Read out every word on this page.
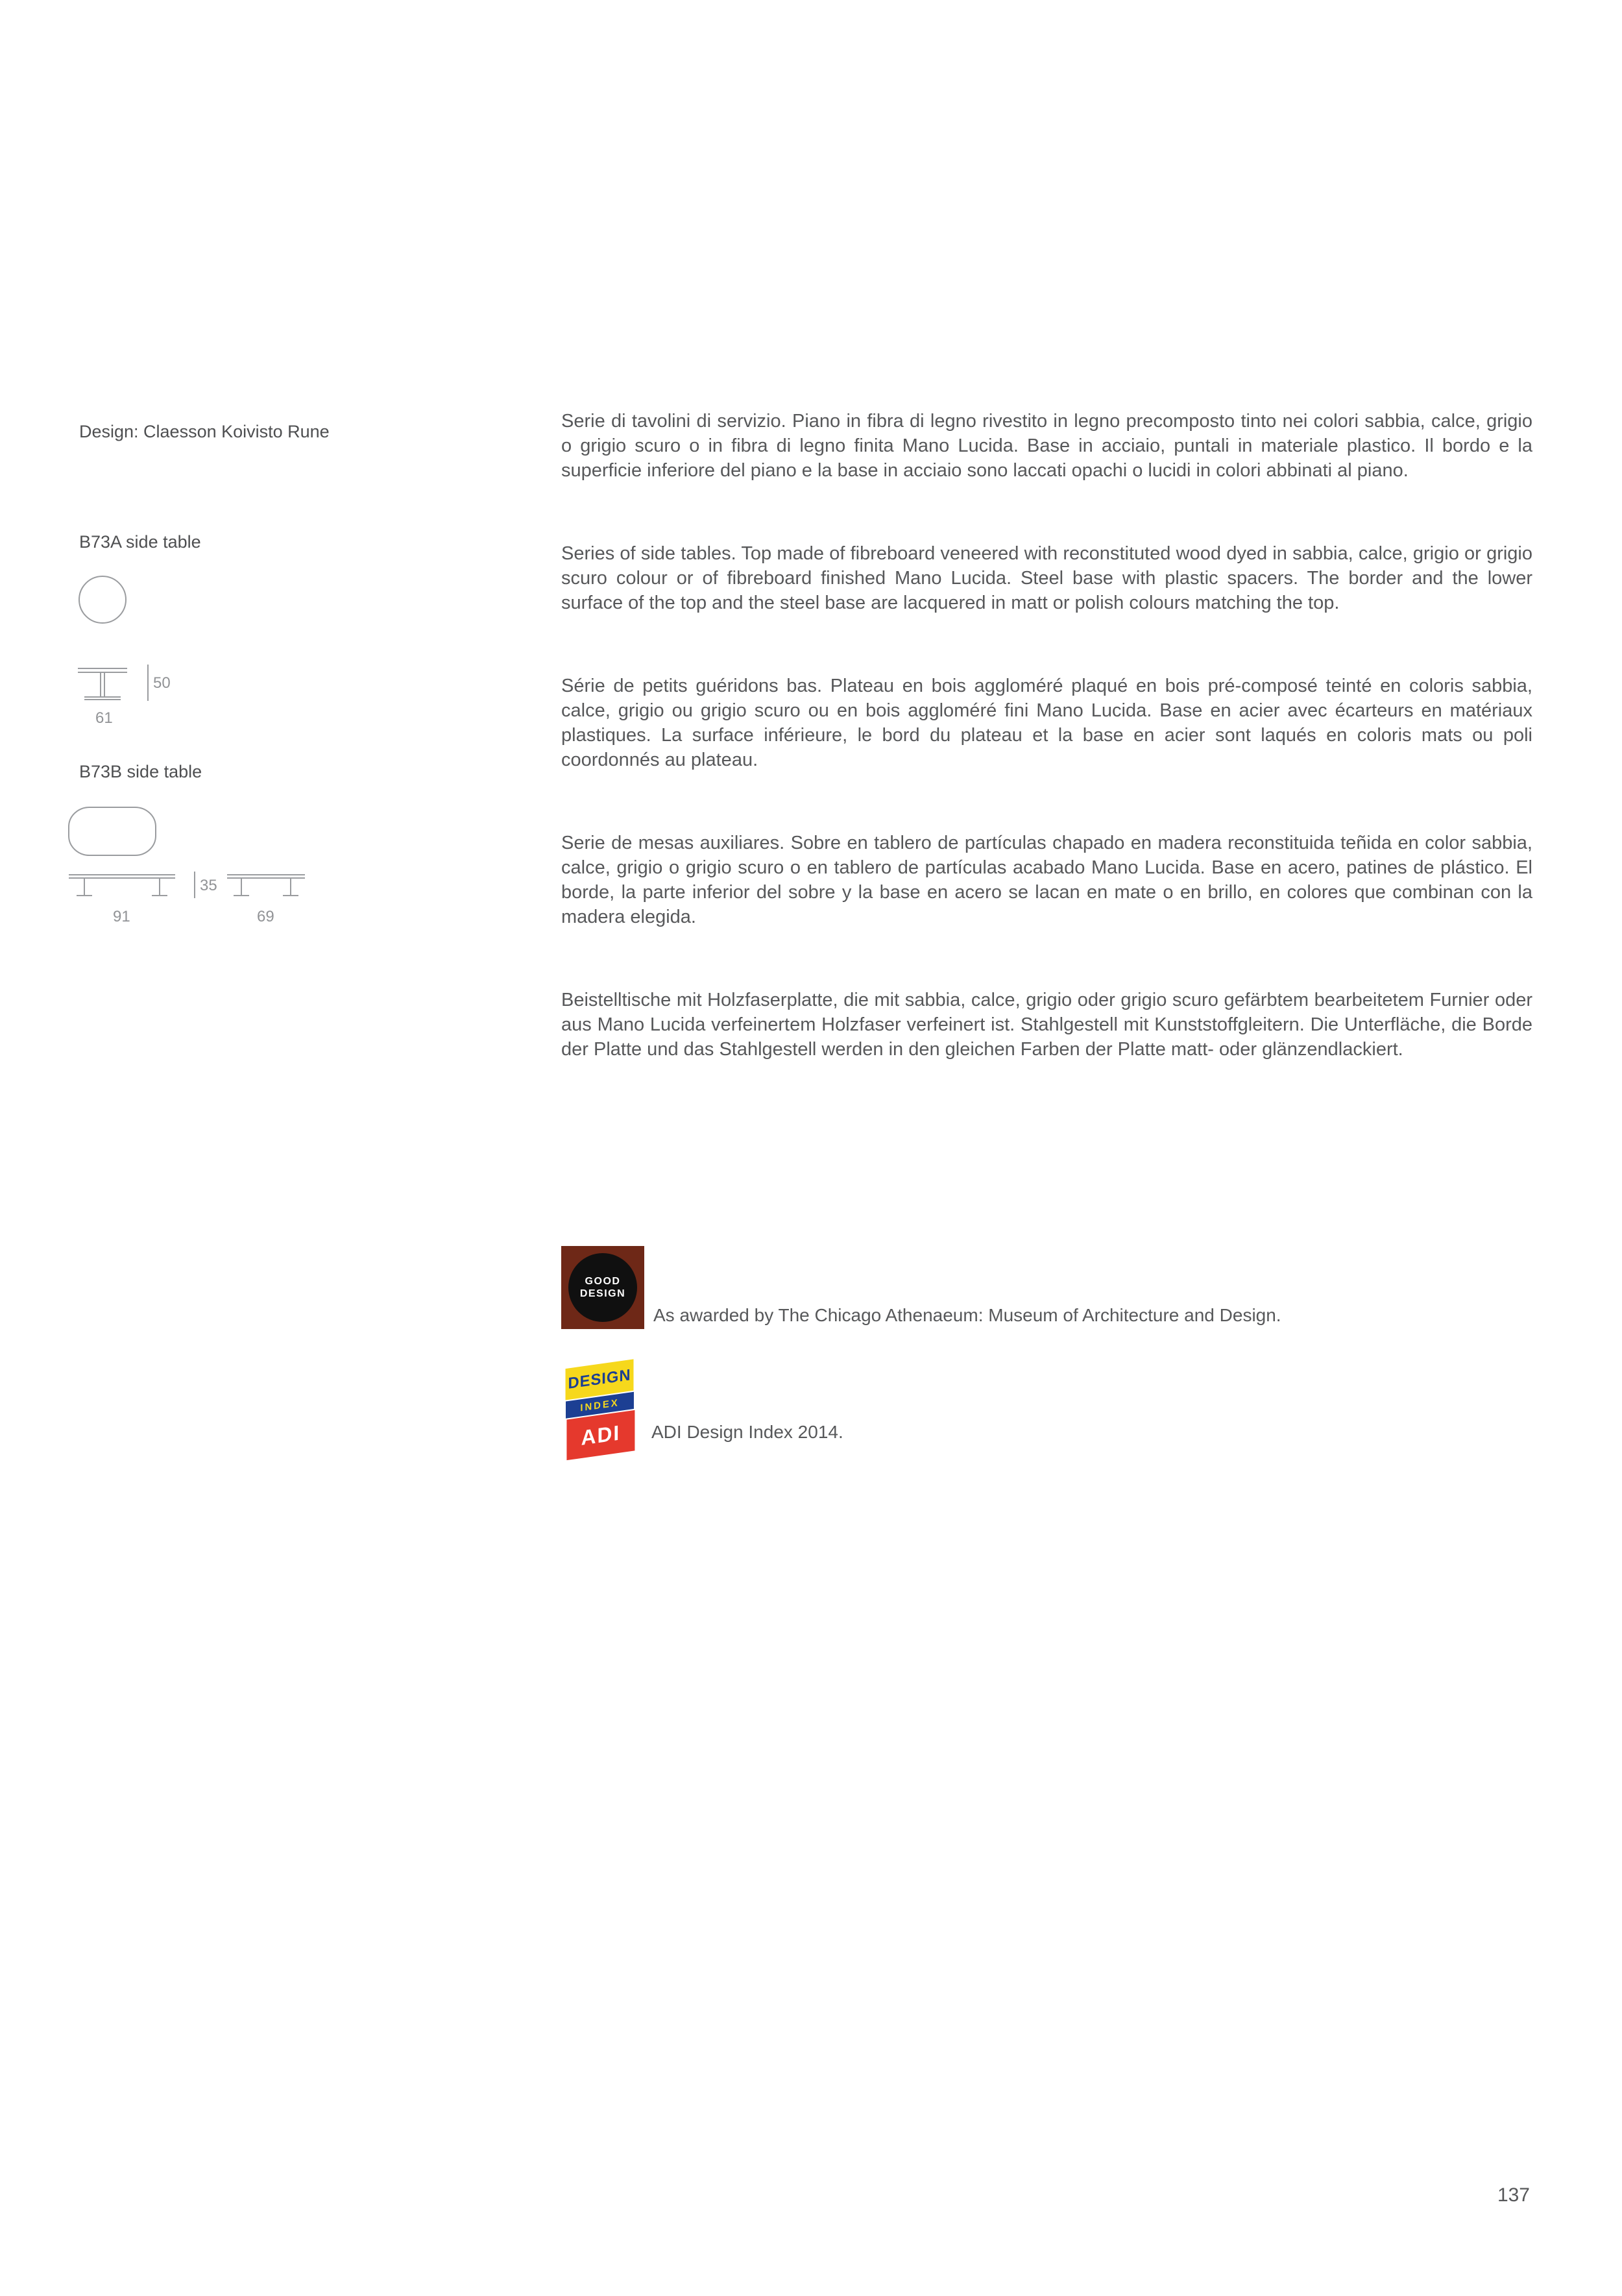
Design: Claesson Koivisto Rune
B73A side table
50
61
B73B side table
35
91	69

Serie di tavolini di servizio. Piano in fibra di legno rivestito in legno precomposto tinto nei colori sabbia, calce, grigio o grigio scuro o in fibra di legno finita Mano Lucida. Base in acciaio, puntali in materiale plastico. Il bordo e la superficie inferiore del piano e la base in acciaio sono laccati opachi o lucidi in colori abbinati al piano.

Series of side tables. Top made of fibreboard veneered with reconstituted wood dyed in sabbia, calce, grigio or grigio scuro colour or of fibreboard finished Mano Lucida. Steel base with plastic spacers. The border and the lower surface of the top and the steel base are lacquered in matt or polish colours matching the top.

Série de petits guéridons bas. Plateau en bois aggloméré plaqué en bois pré-composé teinté en coloris sabbia, calce, grigio ou grigio scuro ou en bois aggloméré fini Mano Lucida. Base en acier avec écarteurs en matériaux plastiques. La surface inférieure, le bord du plateau et la base en acier sont laqués en coloris mats ou poli coordonnés au plateau.

Serie de mesas auxiliares. Sobre en tablero de partículas chapado en madera reconstituida teñida en color sabbia, calce, grigio o grigio scuro o en tablero de partículas acabado Mano Lucida. Base en acero, patines de plástico. El borde, la parte inferior del sobre y la base en acero se lacan en mate o en brillo, en colores que combinan con la madera elegida.

Beistelltische mit Holzfaserplatte, die mit sabbia, calce, grigio oder grigio scuro gefärbtem bearbeitetem Furnier oder aus Mano Lucida verfeinertem Holzfaser verfeinert ist. Stahlgestell mit Kunststoffgleitern. Die Unterfläche, die Borde der Platte und das Stahlgestell werden in den gleichen Farben der Platte matt- oder glänzendlackiert.

GOOD
DESIGN
As awarded by The Chicago Athenaeum: Museum of Architecture and Design.
DESIGN
INDEX
ADI ADI Design Index 2014.
137
